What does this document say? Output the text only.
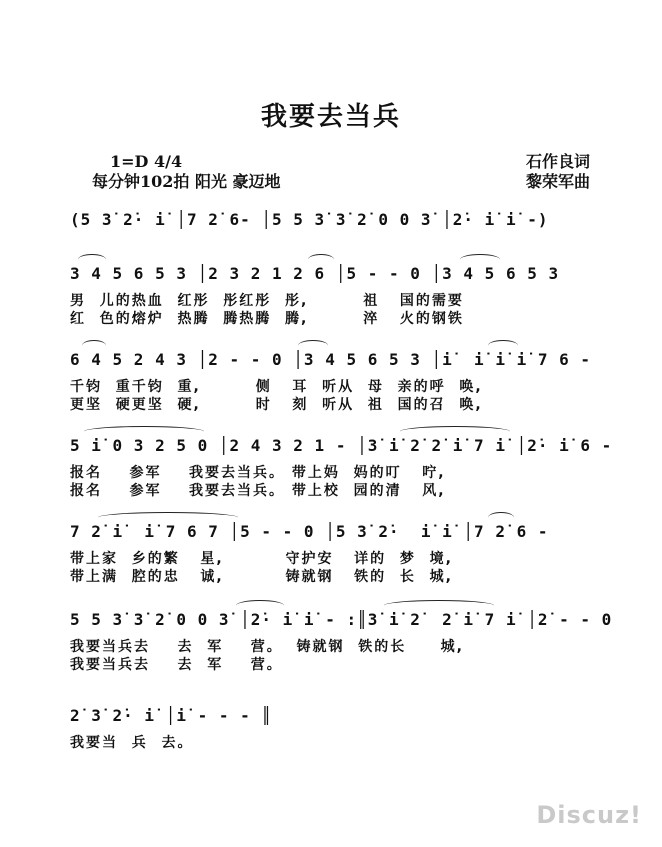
我要去当兵
1=D 4/4
每分钟102拍 阳光 豪迈地
石作良词
黎荣军曲
(5 3̇ 2̇· i̇ │7 2̇ 6- │5 5 3̇ 3̇ 2̇ 0 0 3̇ │2̇· i̇ i̇ -)
3 4 5 6 5 3 │2 3 2 1 2 6 │5 - - 0 │3 4 5 6 5 3
男  儿的热血  红彤  彤红彤  彤,        祖   国的需要
红  色的熔炉  热腾  腾热腾  腾,        淬   火的钢铁
6 4 5 2 4 3 │2 - - 0 │3 4 5 6 5 3 │i̇  i̇ i̇ i̇ 7 6 -
千钧  重千钧  重,        侧   耳  听从  母  亲的呼  唤,
更坚  硬更坚  硬,        时   刻  听从  祖  国的召  唤,
5 i̇ 0 3 2 5 0 │2 4 3 2 1 - │3̇ i̇ 2̇ 2̇ i̇ 7 i̇ │2̇· i̇ 6 -
报名    参军    我要去当兵。 带上妈  妈的叮   咛,
报名    参军    我要去当兵。 带上校  园的清   风,
7 2̇ i̇  i̇ 7 6 7 │5 - - 0 │5 3̇ 2̇·  i̇ i̇ │7 2̇ 6 -
带上家  乡的繁   星,         守护安   详的  梦  境,
带上满  腔的忠   诚,         铸就钢   铁的  长  城,
5 5 3̇ 3̇ 2̇ 0 0 3̇ │2̇· i̇ i̇ - :║3̇ i̇ 2̇  2̇ i̇ 7 i̇ │2̇ - - 0
我要当兵去    去  军    营。  铸就钢  铁的长     城,
我要当兵去    去  军    营。
2̇ 3̇ 2̇· i̇ │i̇ - - - ║
我要当  兵  去。
Discuz!
